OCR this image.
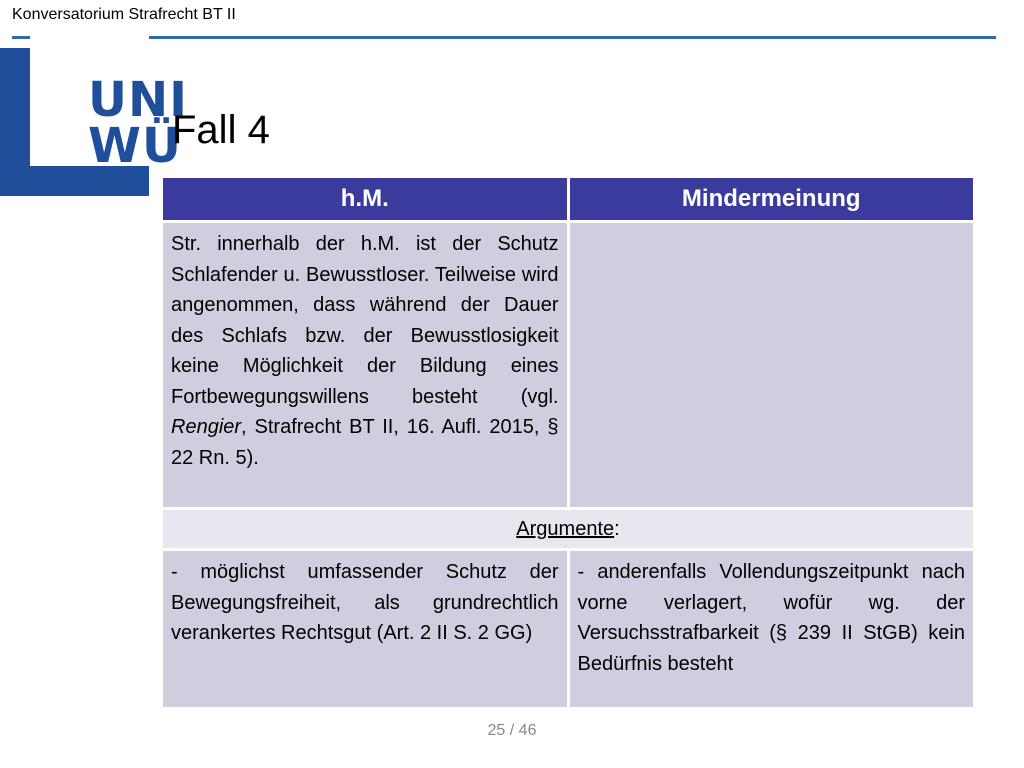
Konversatorium Strafrecht BT II
UNI
WÜ
Fall 4
h.M.	Mindermeinung
Str. innerhalb der h.M. ist der Schutz Schlafender u. Bewusstloser. Teilweise wird angenommen, dass während der Dauer des Schlafs bzw. der Bewusstlosigkeit keine Möglichkeit der Bildung eines Fortbewegungswillens besteht (vgl. Rengier, Strafrecht BT II, 16. Aufl. 2015, § 22 Rn. 5).	
Argumente:	
- möglichst umfassender Schutz der Bewegungsfreiheit, als grundrechtlich verankertes Rechtsgut (Art. 2 II S. 2 GG)	- anderenfalls Vollendungszeitpunkt nach vorne verlagert, wofür wg. der Versuchsstrafbarkeit (§ 239 II StGB) kein Bedürfnis besteht
25 / 46
